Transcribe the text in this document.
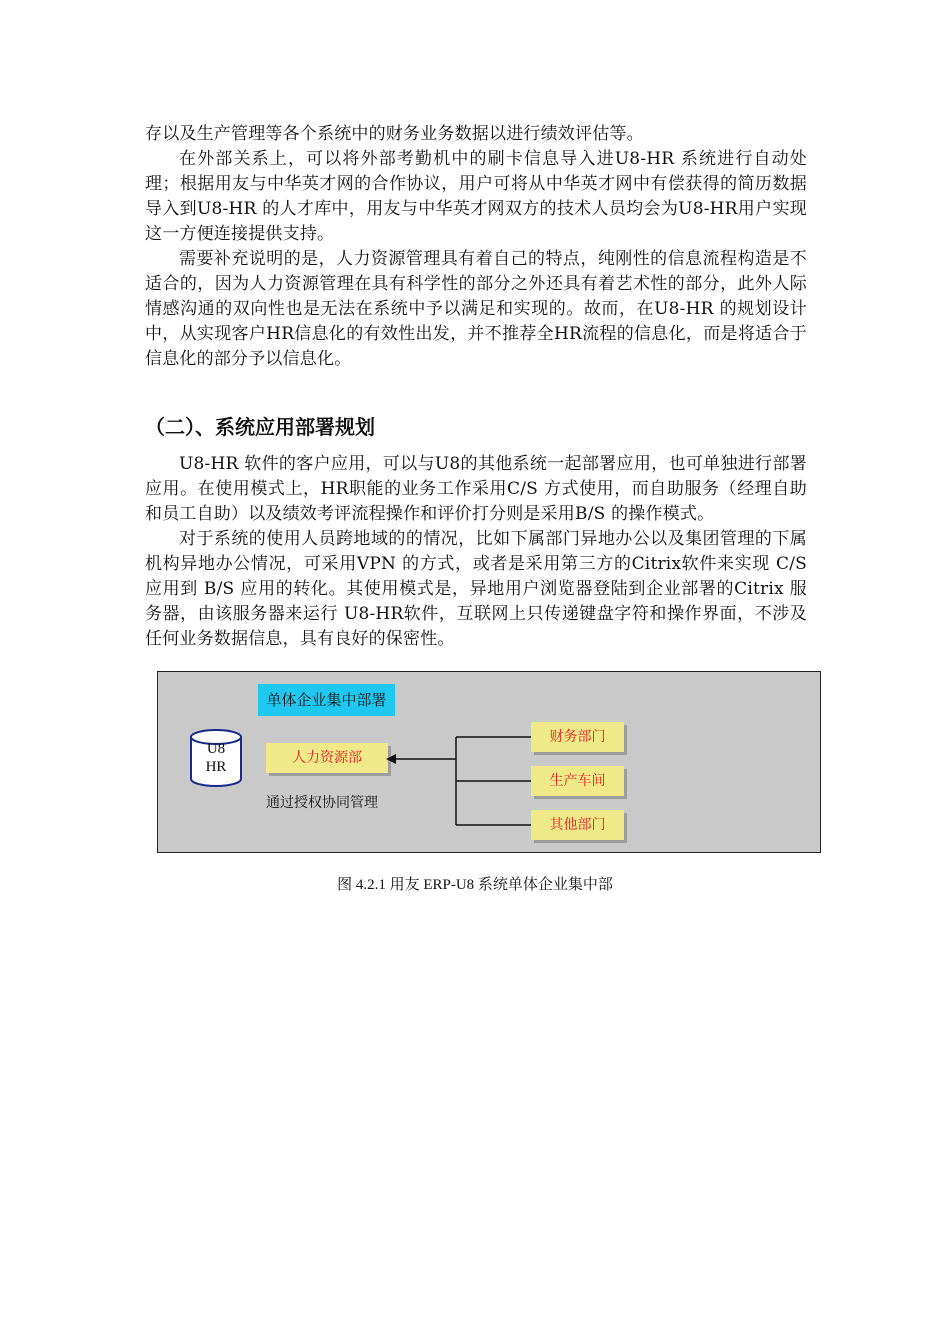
存以及生产管理等各个系统中的财务业务数据以进行绩效评估等。

在外部关系上，可以将外部考勤机中的刷卡信息导入进U8-HR 系统进行自动处理；根据用友与中华英才网的合作协议，用户可将从中华英才网中有偿获得的简历数据导入到U8-HR 的人才库中，用友与中华英才网双方的技术人员均会为U8-HR用户实现这一方便连接提供支持。

需要补充说明的是，人力资源管理具有着自己的特点，纯刚性的信息流程构造是不适合的，因为人力资源管理在具有科学性的部分之外还具有着艺术性的部分，此外人际情感沟通的双向性也是无法在系统中予以满足和实现的。故而，在U8-HR 的规划设计中，从实现客户HR信息化的有效性出发，并不推荐全HR流程的信息化，而是将适合于信息化的部分予以信息化。

（二）、系统应用部署规划

U8-HR 软件的客户应用，可以与U8的其他系统一起部署应用，也可单独进行部署应用。在使用模式上，HR职能的业务工作采用C/S 方式使用，而自助服务（经理自助和员工自助）以及绩效考评流程操作和评价打分则是采用B/S 的操作模式。

对于系统的使用人员跨地域的的情况，比如下属部门异地办公以及集团管理的下属机构异地办公情况，可采用VPN 的方式，或者是采用第三方的Citrix软件来实现 C/S 应用到 B/S 应用的转化。其使用模式是，异地用户浏览器登陆到企业部署的Citrix 服务器，由该服务器来运行 U8-HR软件，互联网上只传递键盘字符和操作界面，不涉及任何业务数据信息，具有良好的保密性。

单体企业集中部署
U8
HR
人力资源部
通过授权协同管理
财务部门
生产车间
其他部门
图 4.2.1 用友 ERP-U8 系统单体企业集中部
